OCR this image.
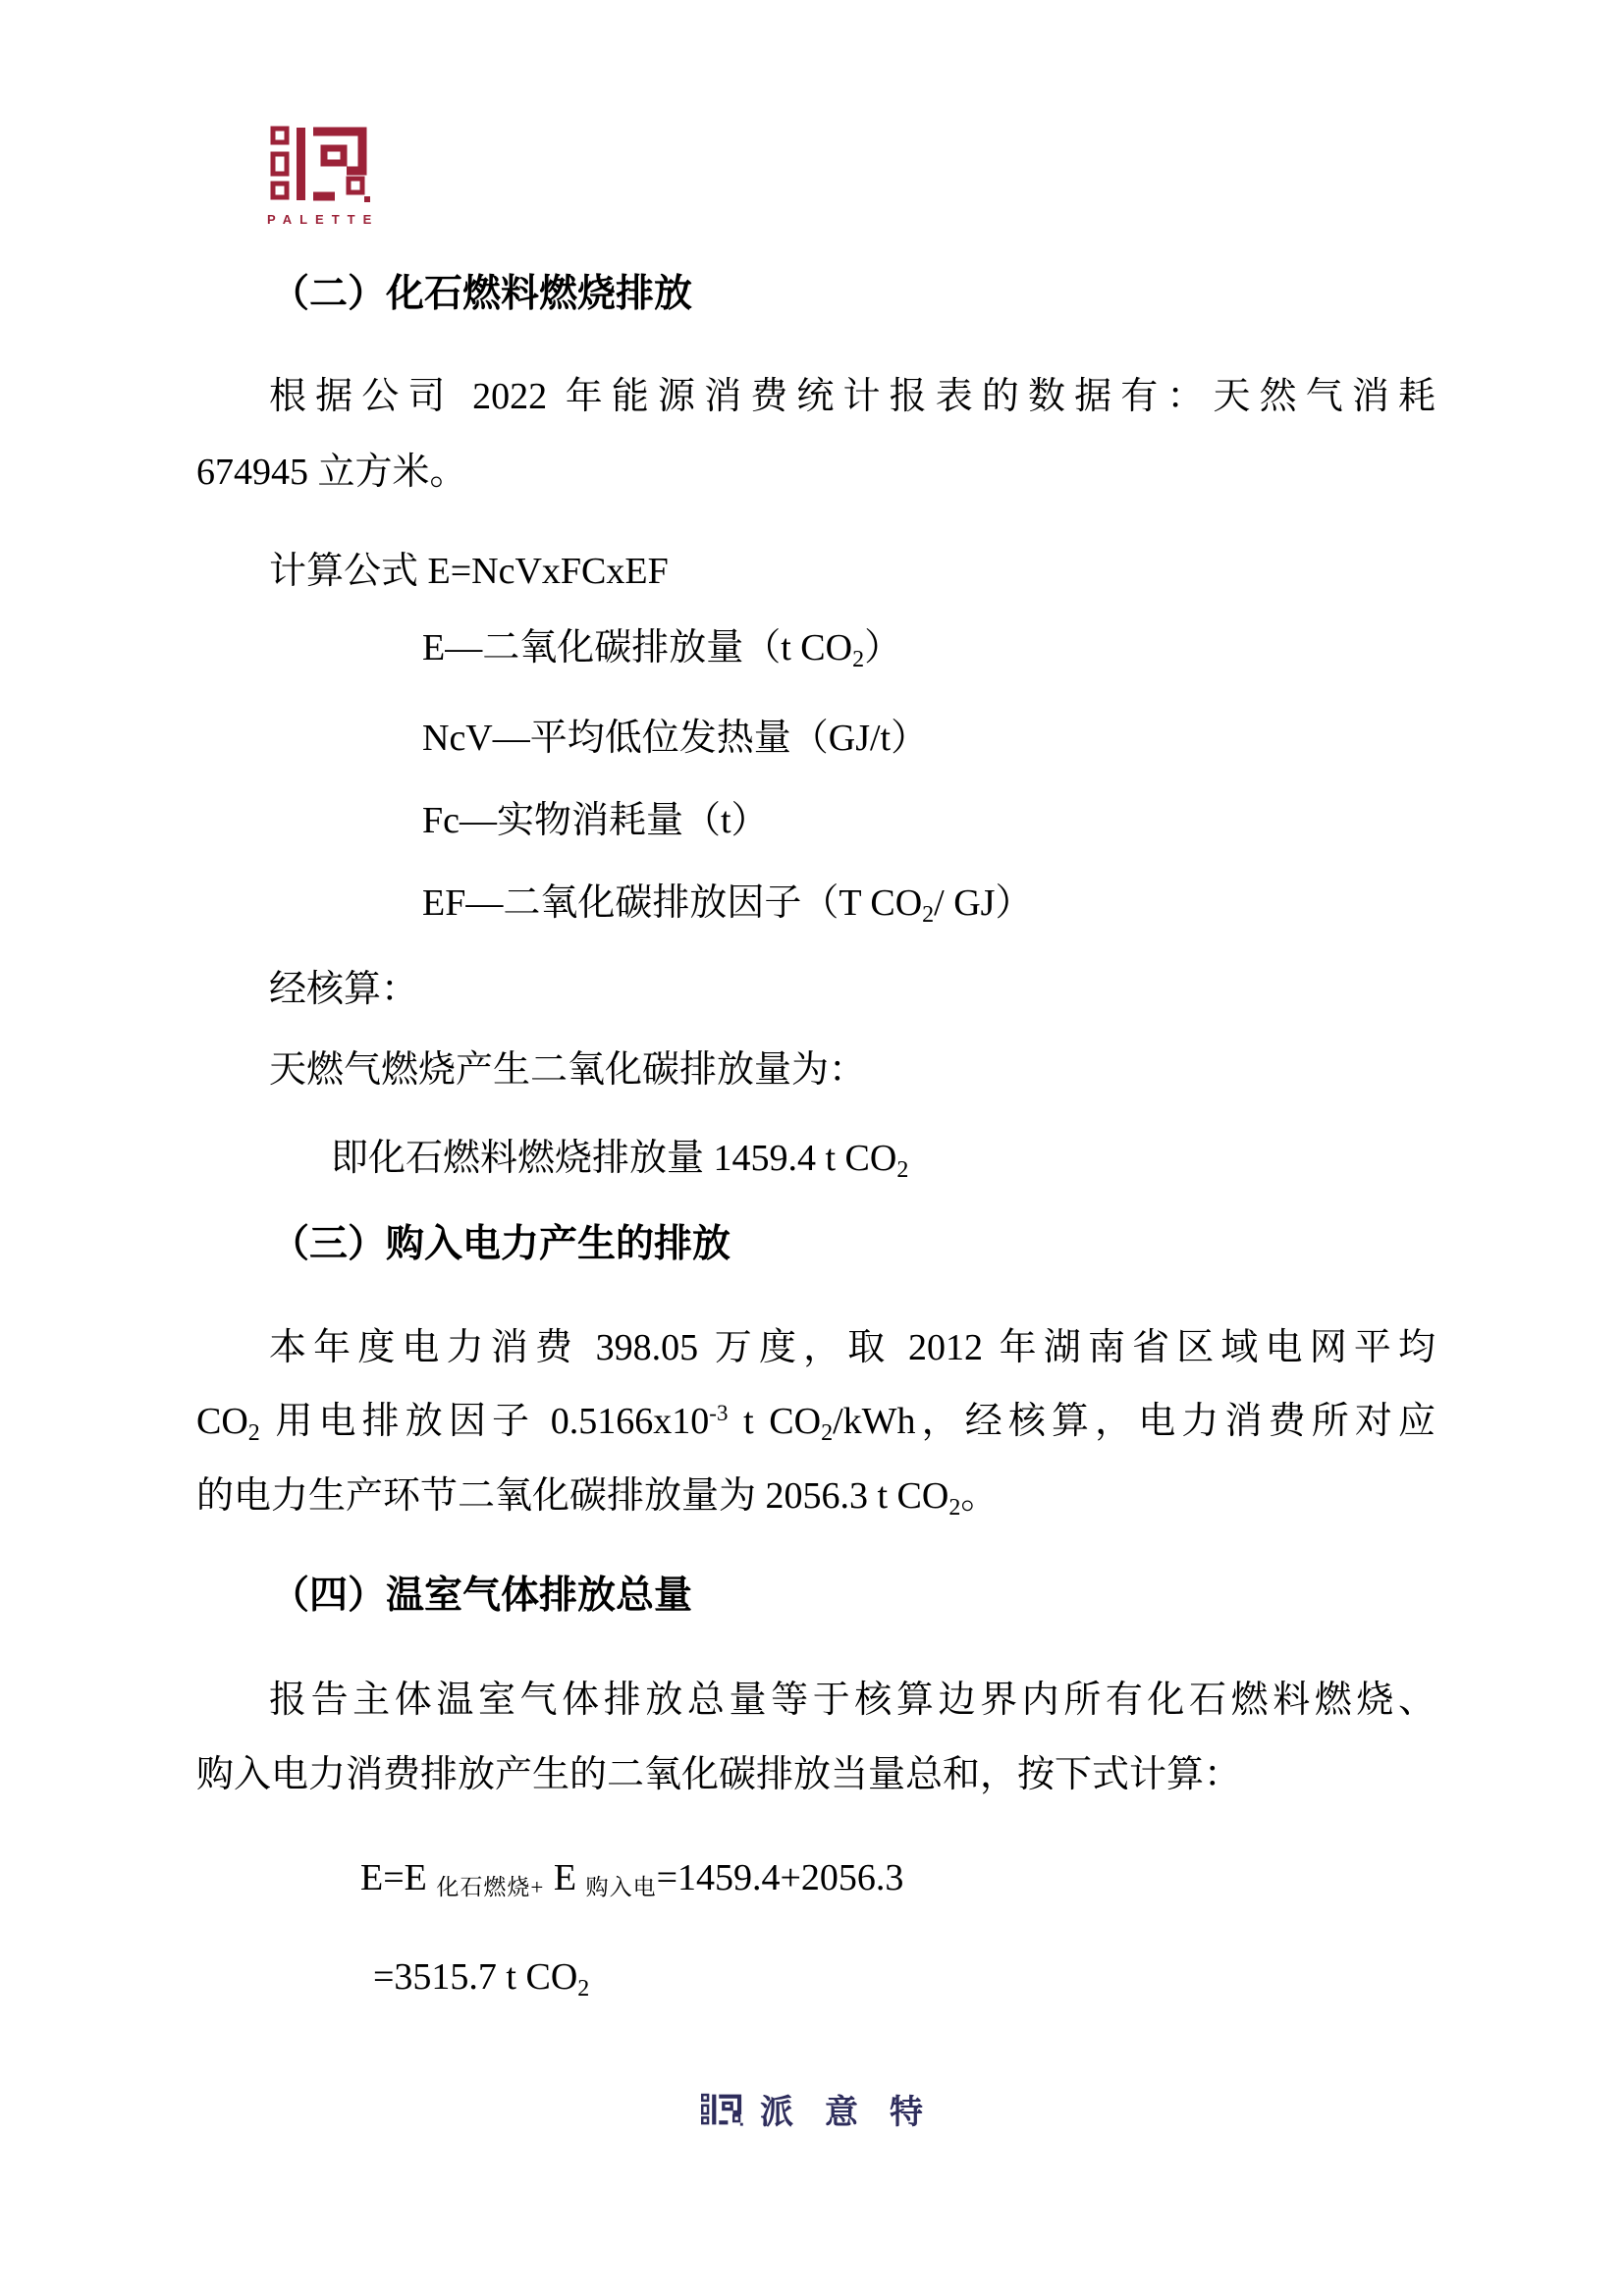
PALETTE
（二）化石燃料燃烧排放
根据公司 2022 年能源消费统计报表的数据有：天然气消耗
674945 立方米。
计算公式 E=NcVxFCxEF
E—二氧化碳排放量（t $CO_2$）
NcV—平均低位发热量（GJ/t）
Fc—实物消耗量（t）
EF—二氧化碳排放因子（T $CO_2/$ GJ）
经核算：
天燃气燃烧产生二氧化碳排放量为：
即化石燃料燃烧排放量 1459.4 t $CO_2$
（三）购入电力产生的排放
本年度电力消费 398.05 万度，取 2012 年湖南省区域电网平均
$CO_2$ 用电排放因子 $0.5166x10^{-3}$ t $CO_2$/kWh，经核算，电力消费所对应
的电力生产环节二氧化碳排放量为 2056.3 t $CO_2$。
（四）温室气体排放总量
报告主体温室气体排放总量等于核算边界内所有化石燃料燃烧、
购入电力消费排放产生的二氧化碳排放当量总和，按下式计算：
E=E $_{化石燃烧+}$ E $_{购入电}$=1459.4+2056.3
=3515.7 t $CO_2$
派意特
